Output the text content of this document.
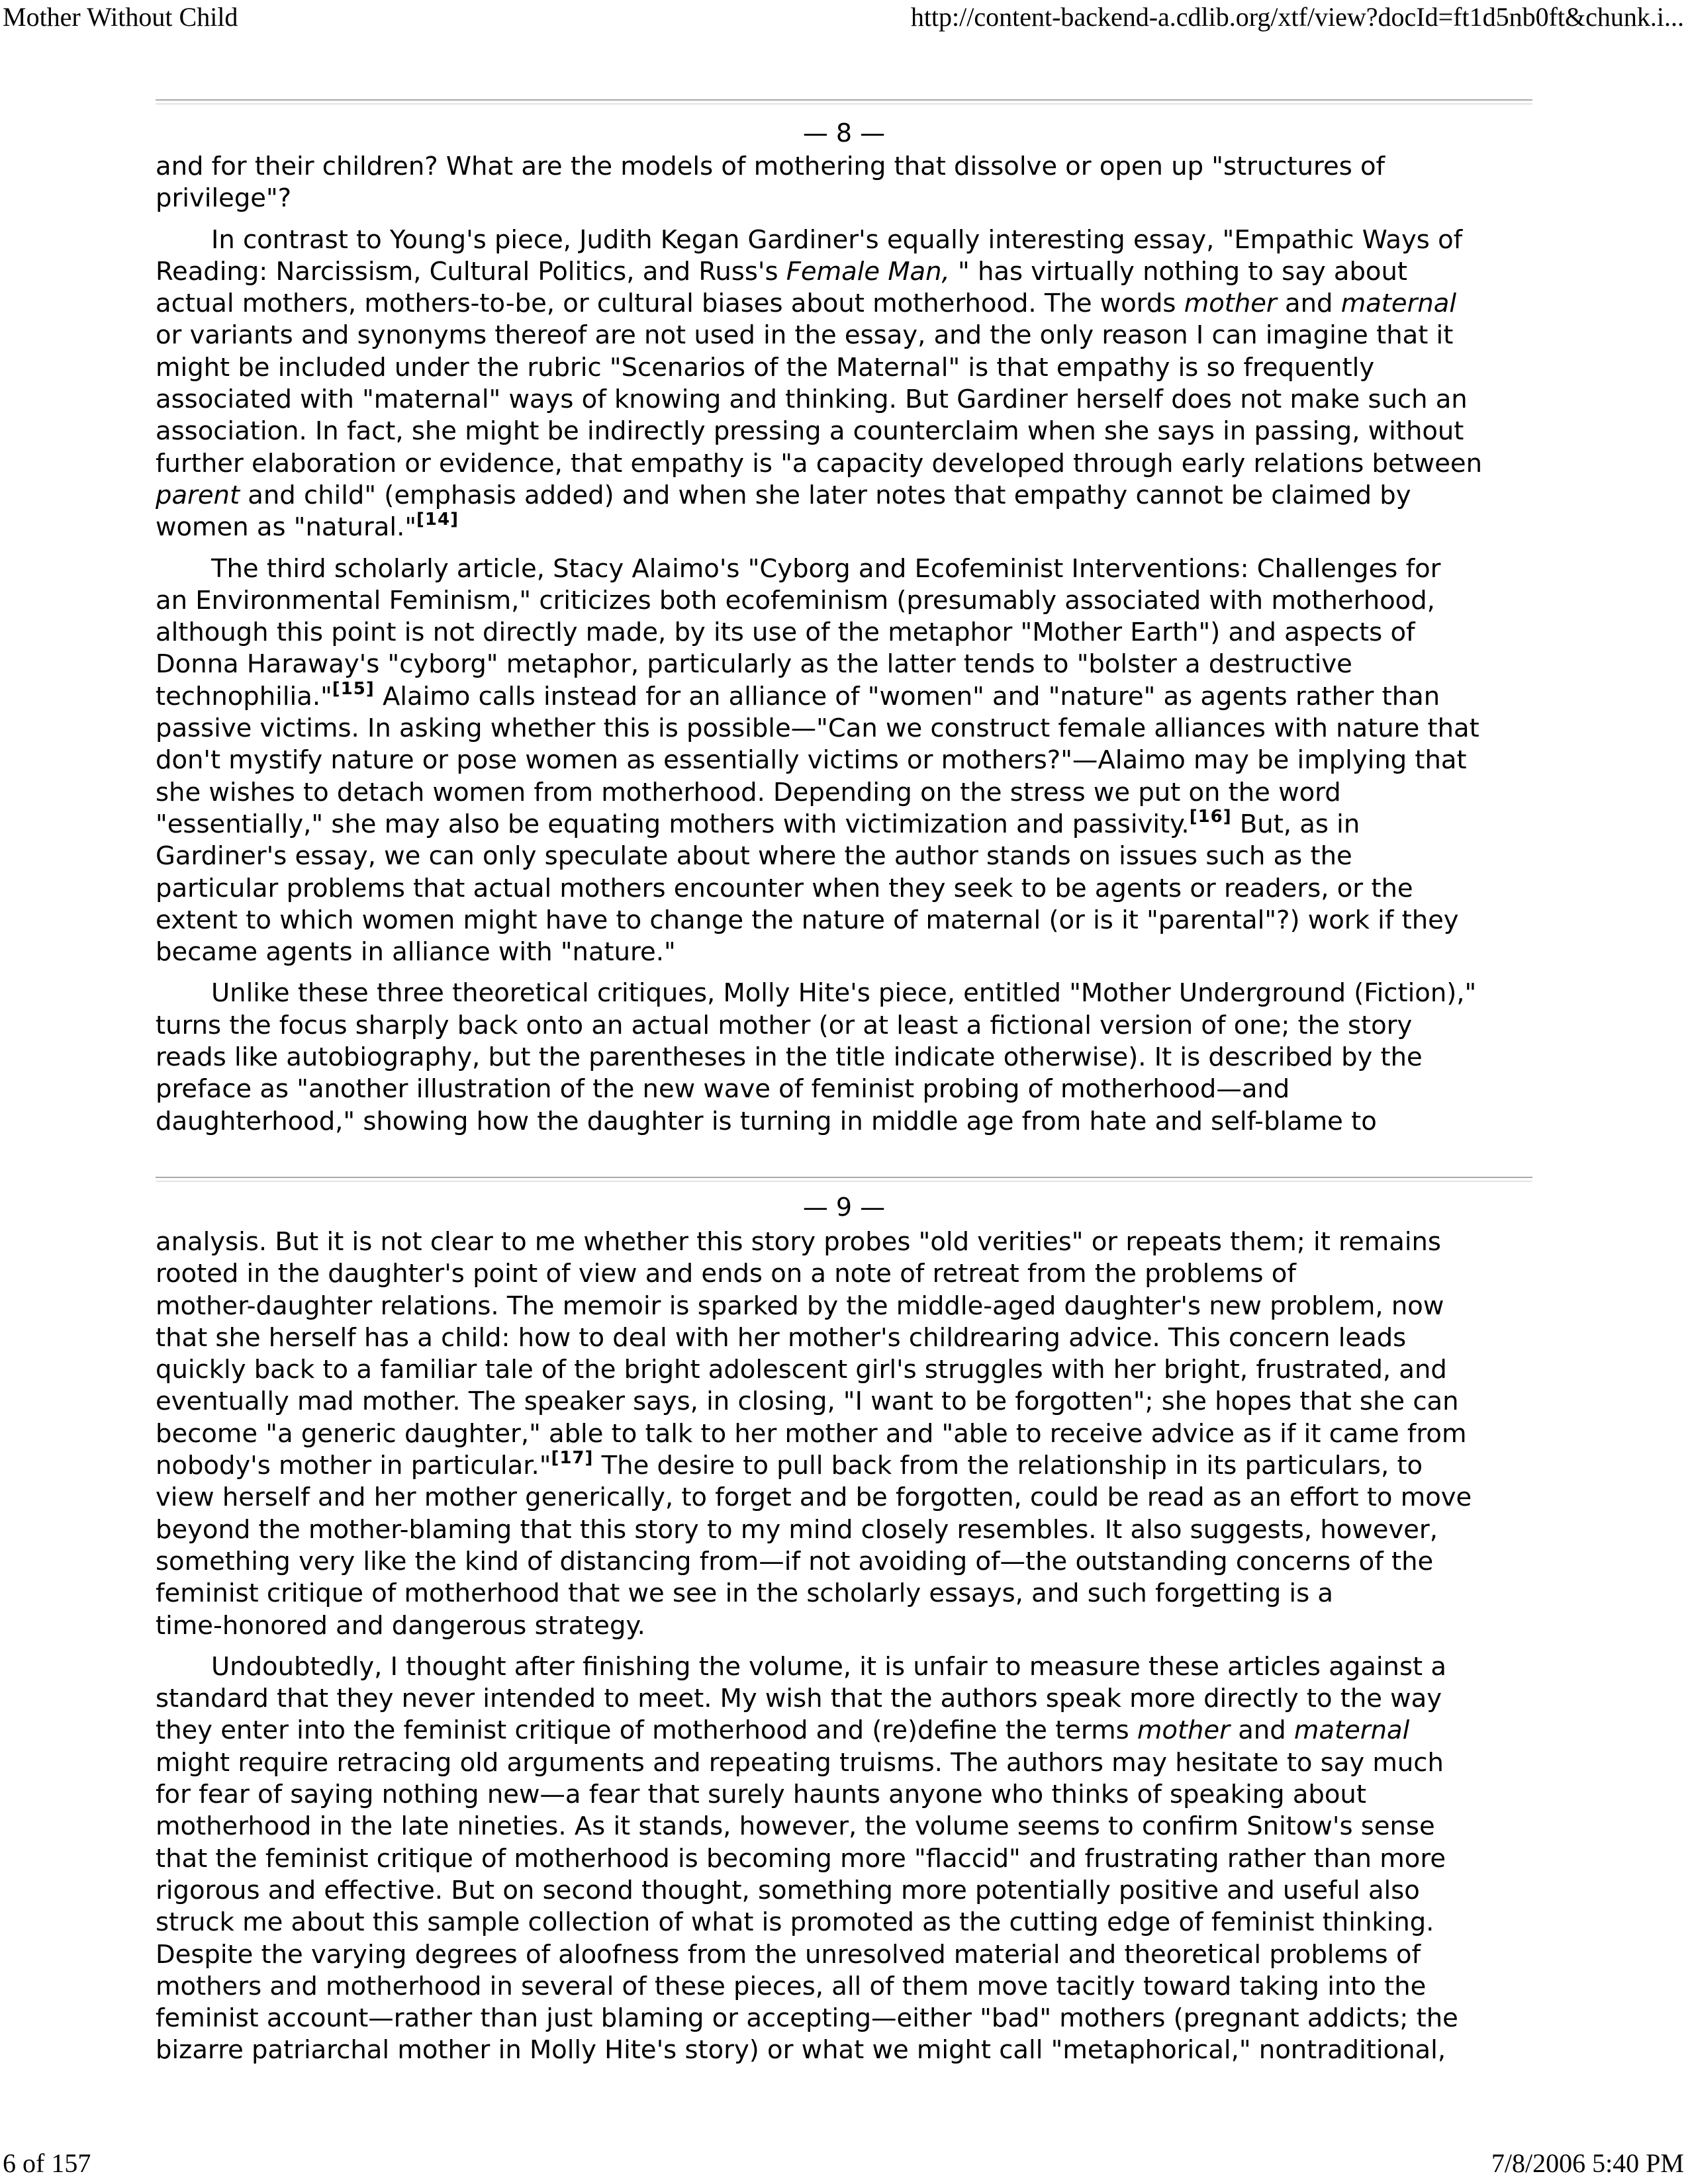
Mother Without Child	http://content-backend-a.cdlib.org/xtf/view?docId=ft1d5nb0ft&chunk.i...
— 8 —

and for their children? What are the models of mothering that dissolve or open up "structures of
privilege"?

In contrast to Young's piece, Judith Kegan Gardiner's equally interesting essay, "Empathic Ways of
Reading: Narcissism, Cultural Politics, and Russ's Female Man, " has virtually nothing to say about
actual mothers, mothers-to-be, or cultural biases about motherhood. The words mother and maternal
or variants and synonyms thereof are not used in the essay, and the only reason I can imagine that it
might be included under the rubric "Scenarios of the Maternal" is that empathy is so frequently
associated with "maternal" ways of knowing and thinking. But Gardiner herself does not make such an
association. In fact, she might be indirectly pressing a counterclaim when she says in passing, without
further elaboration or evidence, that empathy is "a capacity developed through early relations between
parent and child" (emphasis added) and when she later notes that empathy cannot be claimed by
women as "natural."[14]

The third scholarly article, Stacy Alaimo's "Cyborg and Ecofeminist Interventions: Challenges for
an Environmental Feminism," criticizes both ecofeminism (presumably associated with motherhood,
although this point is not directly made, by its use of the metaphor "Mother Earth") and aspects of
Donna Haraway's "cyborg" metaphor, particularly as the latter tends to "bolster a destructive
technophilia."[15] Alaimo calls instead for an alliance of "women" and "nature" as agents rather than
passive victims. In asking whether this is possible—"Can we construct female alliances with nature that
don't mystify nature or pose women as essentially victims or mothers?"—Alaimo may be implying that
she wishes to detach women from motherhood. Depending on the stress we put on the word
"essentially," she may also be equating mothers with victimization and passivity.[16] But, as in
Gardiner's essay, we can only speculate about where the author stands on issues such as the
particular problems that actual mothers encounter when they seek to be agents or readers, or the
extent to which women might have to change the nature of maternal (or is it "parental"?) work if they
became agents in alliance with "nature."

Unlike these three theoretical critiques, Molly Hite's piece, entitled "Mother Underground (Fiction),"
turns the focus sharply back onto an actual mother (or at least a fictional version of one; the story
reads like autobiography, but the parentheses in the title indicate otherwise). It is described by the
preface as "another illustration of the new wave of feminist probing of motherhood—and
daughterhood," showing how the daughter is turning in middle age from hate and self-blame to

— 9 —

analysis. But it is not clear to me whether this story probes "old verities" or repeats them; it remains
rooted in the daughter's point of view and ends on a note of retreat from the problems of
mother-daughter relations. The memoir is sparked by the middle-aged daughter's new problem, now
that she herself has a child: how to deal with her mother's childrearing advice. This concern leads
quickly back to a familiar tale of the bright adolescent girl's struggles with her bright, frustrated, and
eventually mad mother. The speaker says, in closing, "I want to be forgotten"; she hopes that she can
become "a generic daughter," able to talk to her mother and "able to receive advice as if it came from
nobody's mother in particular."[17] The desire to pull back from the relationship in its particulars, to
view herself and her mother generically, to forget and be forgotten, could be read as an effort to move
beyond the mother-blaming that this story to my mind closely resembles. It also suggests, however,
something very like the kind of distancing from—if not avoiding of—the outstanding concerns of the
feminist critique of motherhood that we see in the scholarly essays, and such forgetting is a
time-honored and dangerous strategy.

Undoubtedly, I thought after finishing the volume, it is unfair to measure these articles against a
standard that they never intended to meet. My wish that the authors speak more directly to the way
they enter into the feminist critique of motherhood and (re)define the terms mother and maternal
might require retracing old arguments and repeating truisms. The authors may hesitate to say much
for fear of saying nothing new—a fear that surely haunts anyone who thinks of speaking about
motherhood in the late nineties. As it stands, however, the volume seems to confirm Snitow's sense
that the feminist critique of motherhood is becoming more "flaccid" and frustrating rather than more
rigorous and effective. But on second thought, something more potentially positive and useful also
struck me about this sample collection of what is promoted as the cutting edge of feminist thinking.
Despite the varying degrees of aloofness from the unresolved material and theoretical problems of
mothers and motherhood in several of these pieces, all of them move tacitly toward taking into the
feminist account—rather than just blaming or accepting—either "bad" mothers (pregnant addicts; the
bizarre patriarchal mother in Molly Hite's story) or what we might call "metaphorical," nontraditional,

6 of 157	7/8/2006 5:40 PM
